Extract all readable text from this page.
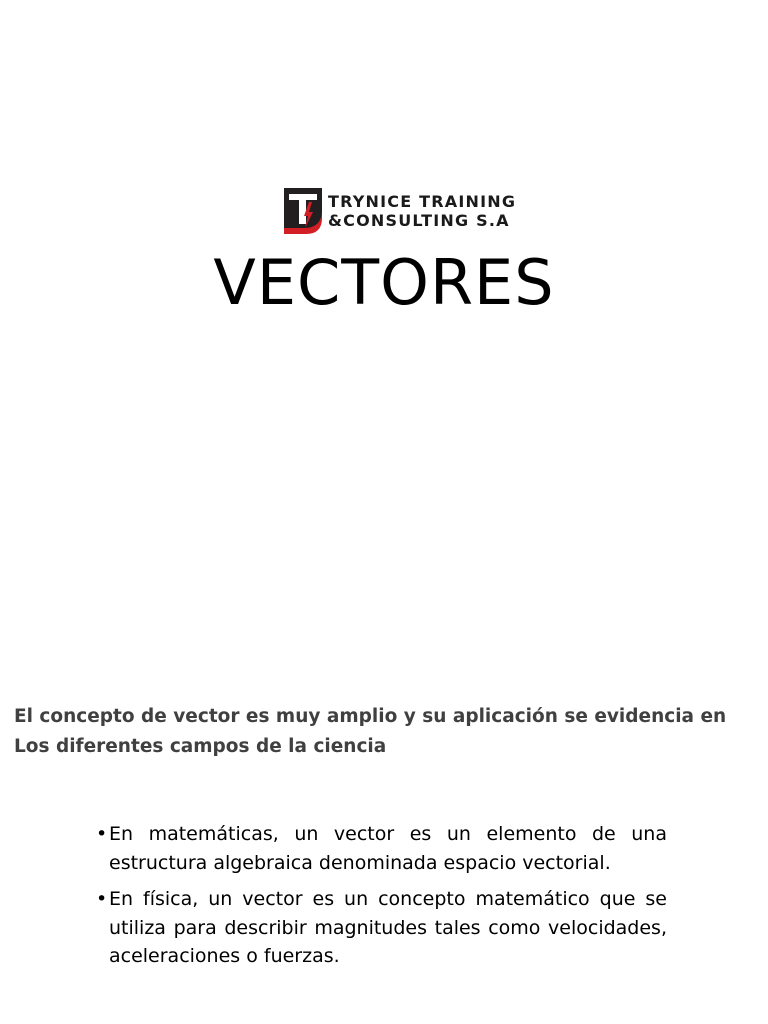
TRYNICE TRAINING
&CONSULTING S.A
VECTORES

El concepto de vector es muy amplio y su aplicación se evidencia en Los diferentes campos de la ciencia

• En matemáticas, un vector es un elemento de una estructura algebraica denominada espacio vectorial.
• En física, un vector es un concepto matemático que se utiliza para describir magnitudes tales como velocidades, aceleraciones o fuerzas.
